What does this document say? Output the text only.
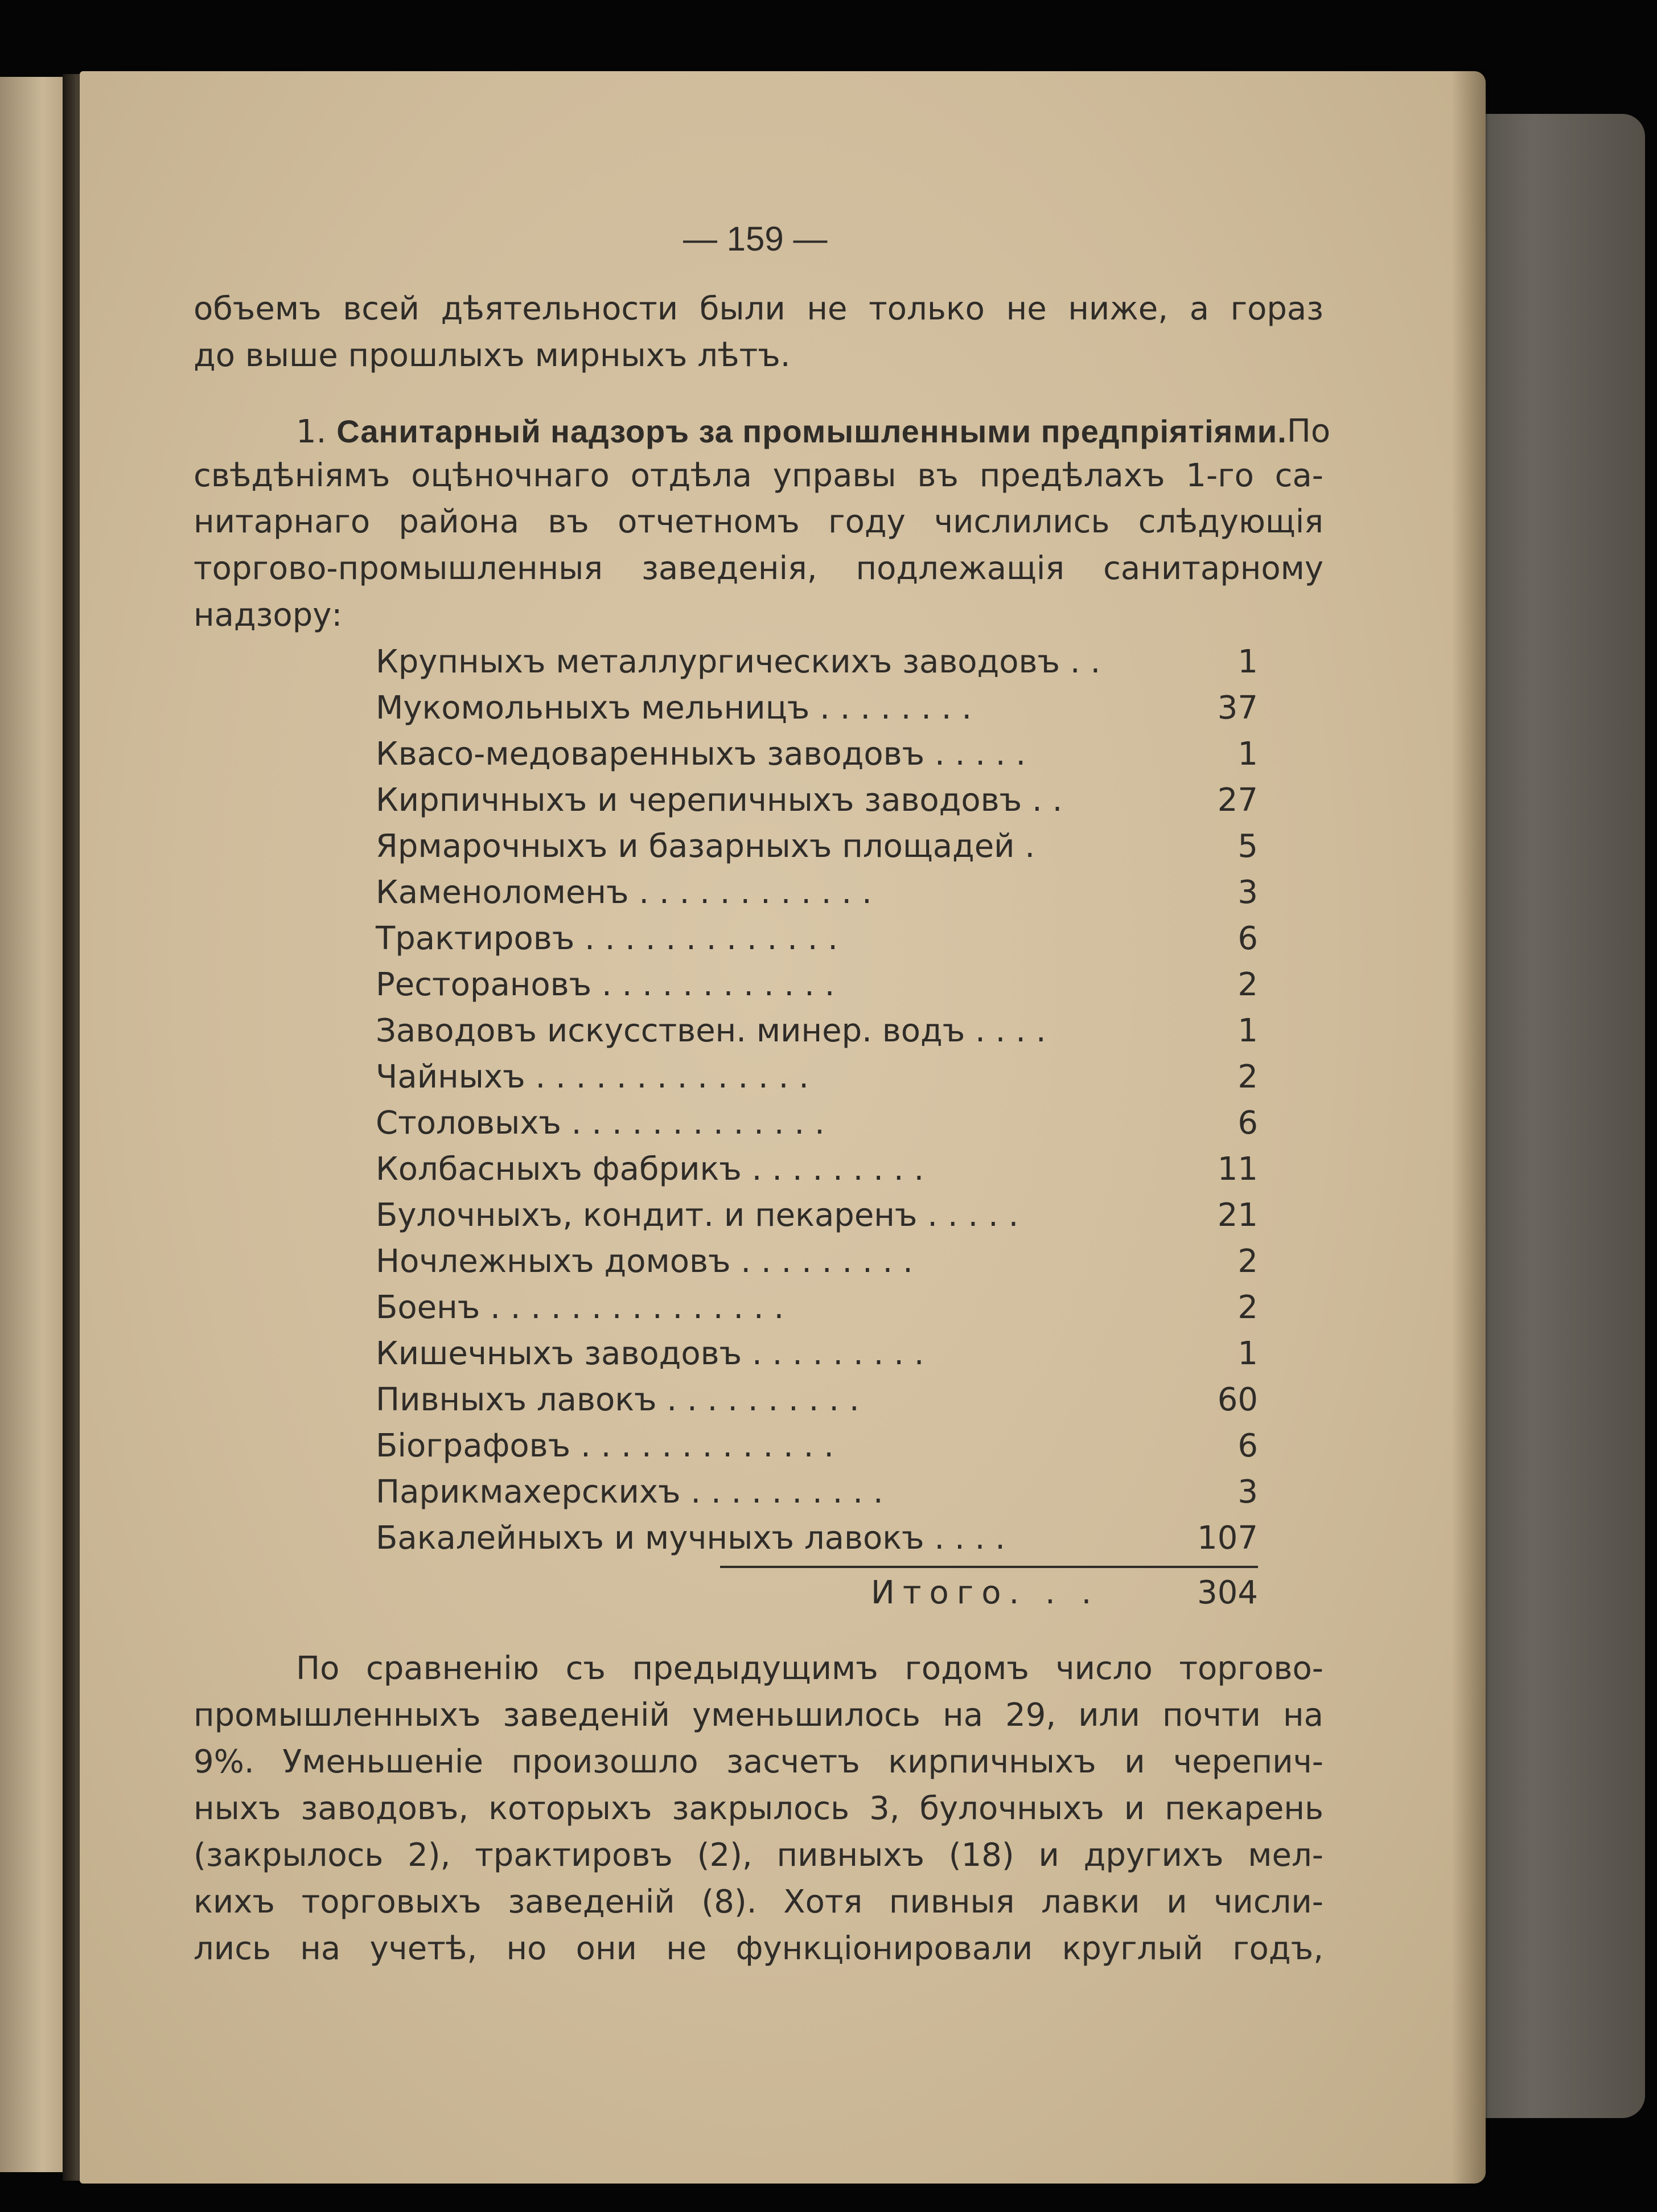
— 159 —
объемъ всей дѣятельности были не только не ниже, а гораз
до выше прошлыхъ мирныхъ лѣтъ.
1. Санитарный надзоръ за промышленными предпріятіями. По
свѣдѣніямъ оцѣночнаго отдѣла управы въ предѣлахъ 1-го са-
нитарнаго района въ отчетномъ году числились слѣдующія
торгово-промышленныя заведенія, подлежащія санитарному
надзору:
Крупныхъ металлургическихъ заводовъ . .	1
Мукомольныхъ мельницъ . . . . . . . .	37
Квасо-медоваренныхъ заводовъ . . . . .	1
Кирпичныхъ и черепичныхъ заводовъ . .	27
Ярмарочныхъ и базарныхъ площадей .	5
Каменоломенъ . . . . . . . . . . . .	3
Трактировъ . . . . . . . . . . . . .	6
Ресторановъ . . . . . . . . . . . .	2
Заводовъ искусствен. минер. водъ . . . .	1
Чайныхъ . . . . . . . . . . . . . .	2
Столовыхъ . . . . . . . . . . . . .	6
Колбасныхъ фабрикъ . . . . . . . . .	11
Булочныхъ, кондит. и пекаренъ . . . . .	21
Ночлежныхъ домовъ . . . . . . . . .	2
Боенъ . . . . . . . . . . . . . . .	2
Кишечныхъ заводовъ . . . . . . . . .	1
Пивныхъ лавокъ . . . . . . . . . .	60
Біографовъ . . . . . . . . . . . . .	6
Парикмахерскихъ . . . . . . . . . .	3
Бакалейныхъ и мучныхъ лавокъ . . . .	107
Итого. . .	304
По сравненію съ предыдущимъ годомъ число торгово-
промышленныхъ заведеній уменьшилось на 29, или почти на
9%. Уменьшеніе произошло засчетъ кирпичныхъ и черепич-
ныхъ заводовъ, которыхъ закрылось 3, булочныхъ и пекарень
(закрылось 2), трактировъ (2), пивныхъ (18) и другихъ мел-
кихъ торговыхъ заведеній (8). Хотя пивныя лавки и числи-
лись на учетѣ, но они не функціонировали круглый годъ,
